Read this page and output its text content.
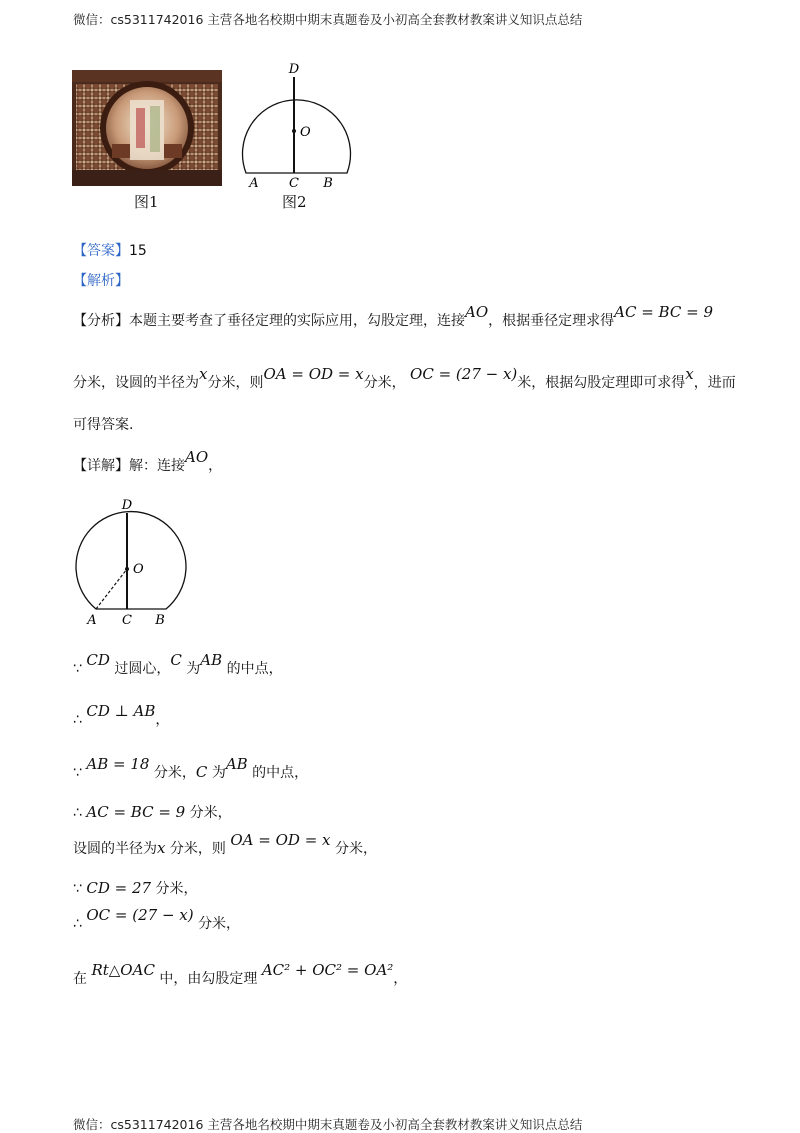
微信：cs5311742016 主营各地名校期中期末真题卷及小初高全套教材教案讲义知识点总结
图1
D
O
A C B
图2
【答案】15
【解析】
【分析】本题主要考查了垂径定理的实际应用，勾股定理，连接AO，根据垂径定理求得AC = BC = 9
分米，设圆的半径为x分米，则OA = OD = x分米， OC = (27 − x)米，根据勾股定理即可求得x，进而
可得答案.
【详解】解：连接AO，
D
O
A C B
∵ CD 过圆心，C 为AB 的中点，
∴ CD ⊥ AB，
∵ AB = 18 分米，C 为AB 的中点，
∴ AC = BC = 9 分米，
设圆的半径为x 分米，则 OA = OD = x 分米，
∵ CD = 27 分米，
∴ OC = (27 − x) 分米，
在 Rt△OAC 中，由勾股定理 AC² + OC² = OA²，
微信：cs5311742016 主营各地名校期中期末真题卷及小初高全套教材教案讲义知识点总结
